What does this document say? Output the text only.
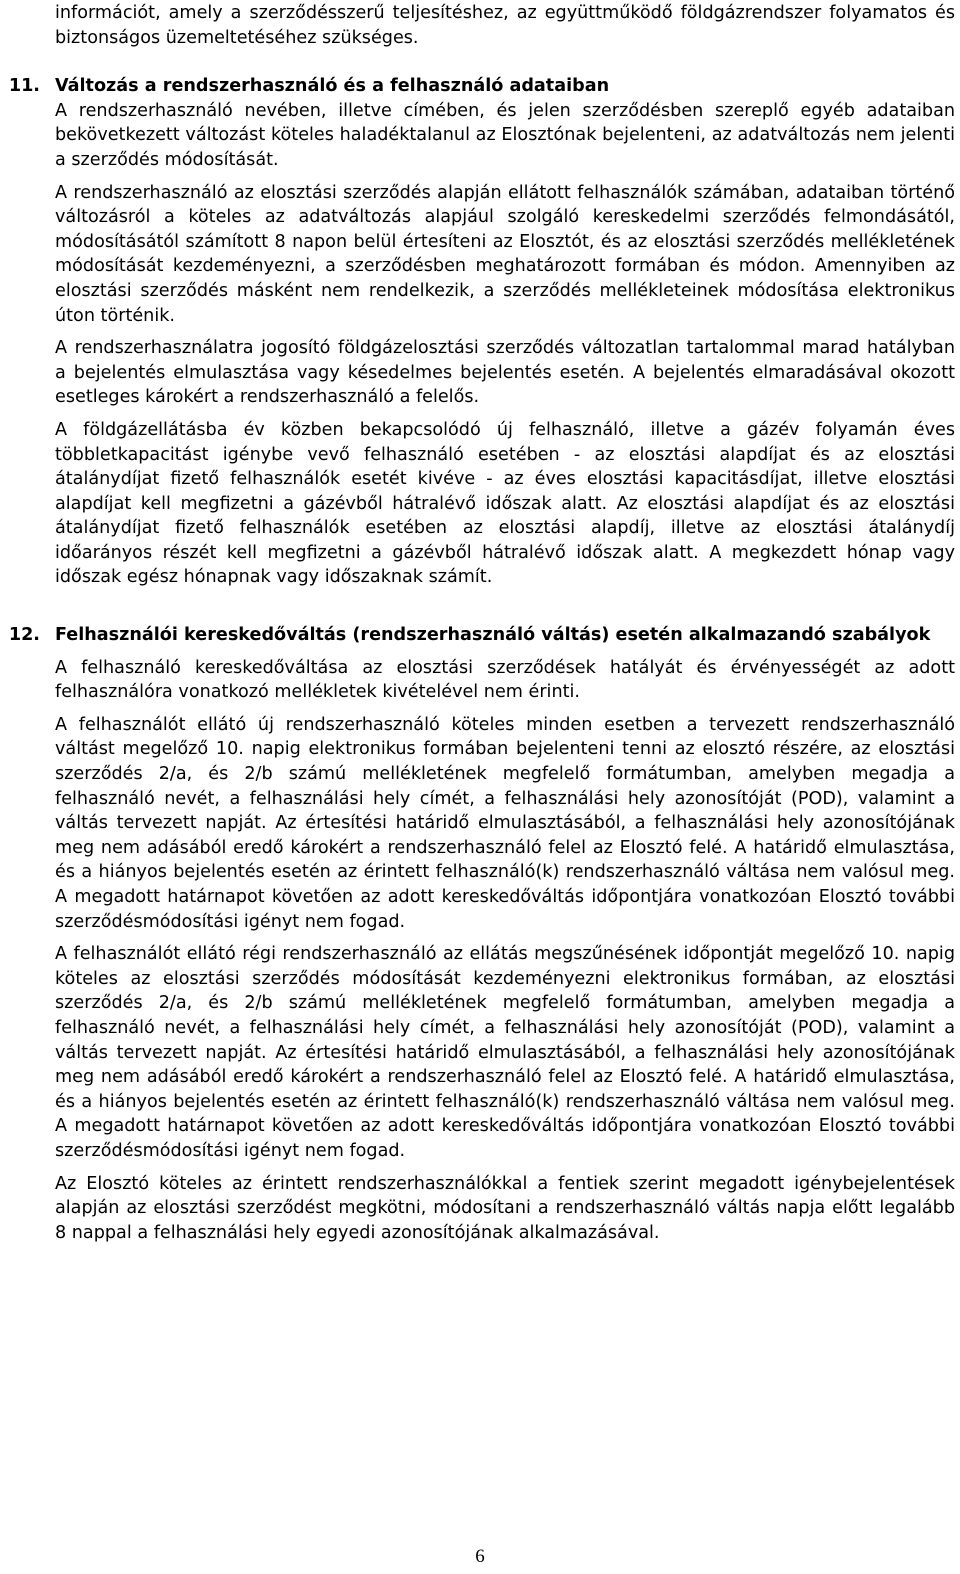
információt, amely a szerződésszerű teljesítéshez, az együttműködő földgázrendszer folyamatos és biztonságos üzemeltetéséhez szükséges.

11. Változás a rendszerhasználó és a felhasználó adataiban

A rendszerhasználó nevében, illetve címében, és jelen szerződésben szereplő egyéb adataiban bekövetkezett változást köteles haladéktalanul az Elosztónak bejelenteni, az adatváltozás nem jelenti a szerződés módosítását.

A rendszerhasználó az elosztási szerződés alapján ellátott felhasználók számában, adataiban történő változásról a köteles az adatváltozás alapjául szolgáló kereskedelmi szerződés felmondásától, módosításától számított 8 napon belül értesíteni az Elosztót, és az elosztási szerződés mellékletének módosítását kezdeményezni, a szerződésben meghatározott formában és módon. Amennyiben az elosztási szerződés másként nem rendelkezik, a szerződés mellékleteinek módosítása elektronikus úton történik.

A rendszerhasználatra jogosító földgázelosztási szerződés változatlan tartalommal marad hatályban a bejelentés elmulasztása vagy késedelmes bejelentés esetén. A bejelentés elmaradásával okozott esetleges károkért a rendszerhasználó a felelős.

A földgázellátásba év közben bekapcsolódó új felhasználó, illetve a gázév folyamán éves többletkapacitást igénybe vevő felhasználó esetében - az elosztási alapdíjat és az elosztási átalánydíjat fizető felhasználók esetét kivéve - az éves elosztási kapacitásdíjat, illetve elosztási alapdíjat kell megfizetni a gázévből hátralévő időszak alatt. Az elosztási alapdíjat és az elosztási átalánydíjat fizető felhasználók esetében az elosztási alapdíj, illetve az elosztási átalánydíj időarányos részét kell megfizetni a gázévből hátralévő időszak alatt. A megkezdett hónap vagy időszak egész hónapnak vagy időszaknak számít.

12. Felhasználói kereskedőváltás (rendszerhasználó váltás) esetén alkalmazandó szabályok

A felhasználó kereskedőváltása az elosztási szerződések hatályát és érvényességét az adott felhasználóra vonatkozó mellékletek kivételével nem érinti.

A felhasználót ellátó új rendszerhasználó köteles minden esetben a tervezett rendszerhasználó váltást megelőző 10. napig elektronikus formában bejelenteni tenni az elosztó részére, az elosztási szerződés 2/a, és 2/b számú mellékletének megfelelő formátumban, amelyben megadja a felhasználó nevét, a felhasználási hely címét, a felhasználási hely azonosítóját (POD), valamint a váltás tervezett napját. Az értesítési határidő elmulasztásából, a felhasználási hely azonosítójának meg nem adásából eredő károkért a rendszerhasználó felel az Elosztó felé. A határidő elmulasztása, és a hiányos bejelentés esetén az érintett felhasználó(k) rendszerhasználó váltása nem valósul meg. A megadott határnapot követően az adott kereskedőváltás időpontjára vonatkozóan Elosztó további szerződésmódosítási igényt nem fogad.

A felhasználót ellátó régi rendszerhasználó az ellátás megszűnésének időpontját megelőző 10. napig köteles az elosztási szerződés módosítását kezdeményezni elektronikus formában, az elosztási szerződés 2/a, és 2/b számú mellékletének megfelelő formátumban, amelyben megadja a felhasználó nevét, a felhasználási hely címét, a felhasználási hely azonosítóját (POD), valamint a váltás tervezett napját. Az értesítési határidő elmulasztásából, a felhasználási hely azonosítójának meg nem adásából eredő károkért a rendszerhasználó felel az Elosztó felé. A határidő elmulasztása, és a hiányos bejelentés esetén az érintett felhasználó(k) rendszerhasználó váltása nem valósul meg. A megadott határnapot követően az adott kereskedőváltás időpontjára vonatkozóan Elosztó további szerződésmódosítási igényt nem fogad.

Az Elosztó köteles az érintett rendszerhasználókkal a fentiek szerint megadott igénybejelentések alapján az elosztási szerződést megkötni, módosítani a rendszerhasználó váltás napja előtt legalább 8 nappal a felhasználási hely egyedi azonosítójának alkalmazásával.

6
